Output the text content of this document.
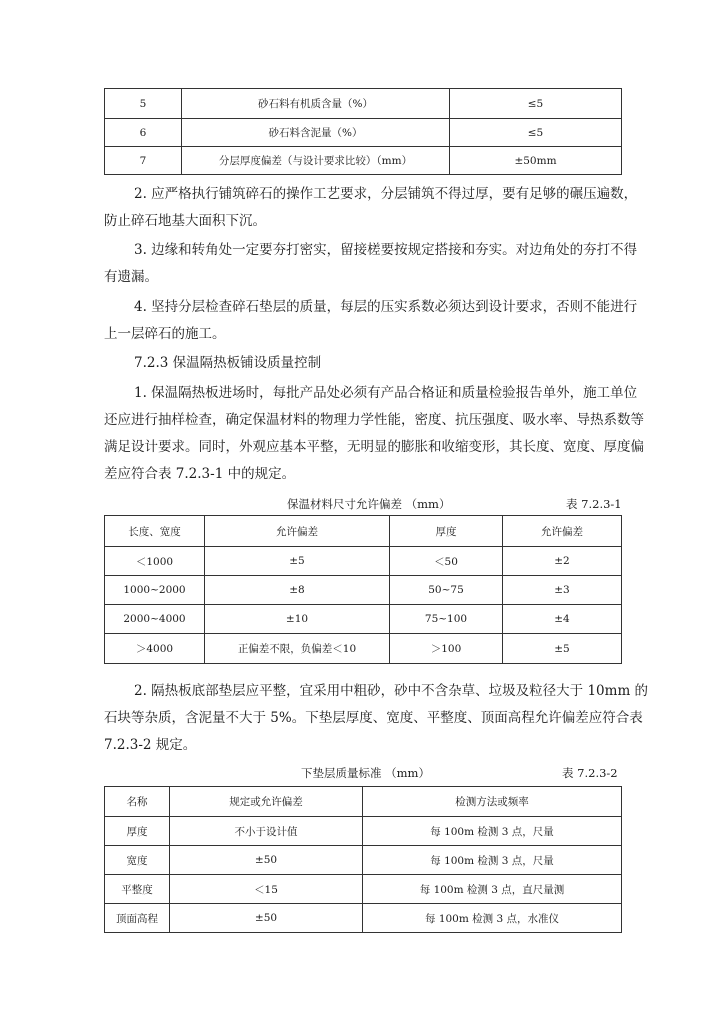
5	砂石料有机质含量（%）	≤5
6	砂石料含泥量（%）	≤5
7	分层厚度偏差（与设计要求比较）（mm）	±50mm
2. 应严格执行铺筑碎石的操作工艺要求，分层铺筑不得过厚，要有足够的碾压遍数，
防止碎石地基大面积下沉。
3. 边缘和转角处一定要夯打密实，留接槎要按规定搭接和夯实。对边角处的夯打不得
有遗漏。
4. 坚持分层检查碎石垫层的质量，每层的压实系数必须达到设计要求，否则不能进行
上一层碎石的施工。
7.2.3 保温隔热板铺设质量控制
1. 保温隔热板进场时，每批产品处必须有产品合格证和质量检验报告单外，施工单位
还应进行抽样检查，确定保温材料的物理力学性能，密度、抗压强度、吸水率、导热系数等
满足设计要求。同时，外观应基本平整，无明显的膨胀和收缩变形，其长度、宽度、厚度偏
差应符合表 7.2.3-1 中的规定。
保温材料尺寸允许偏差 （mm）	表 7.2.3-1
长度、宽度	允许偏差	厚度	允许偏差
＜1000	±5	＜50	±2
1000~2000	±8	50~75	±3
2000~4000	±10	75~100	±4
＞4000	正偏差不限，负偏差＜10	＞100	±5
2. 隔热板底部垫层应平整，宜采用中粗砂，砂中不含杂草、垃圾及粒径大于 10mm 的
石块等杂质，含泥量不大于 5%。下垫层厚度、宽度、平整度、顶面高程允许偏差应符合表
7.2.3-2 规定。
下垫层质量标准 （mm）	表 7.2.3-2
名称	规定或允许偏差	检测方法或频率
厚度	不小于设计值	每 100m 检测 3 点，尺量
宽度	±50	每 100m 检测 3 点，尺量
平整度	＜15	每 100m 检测 3 点，直尺量测
顶面高程	±50	每 100m 检测 3 点，水准仪
